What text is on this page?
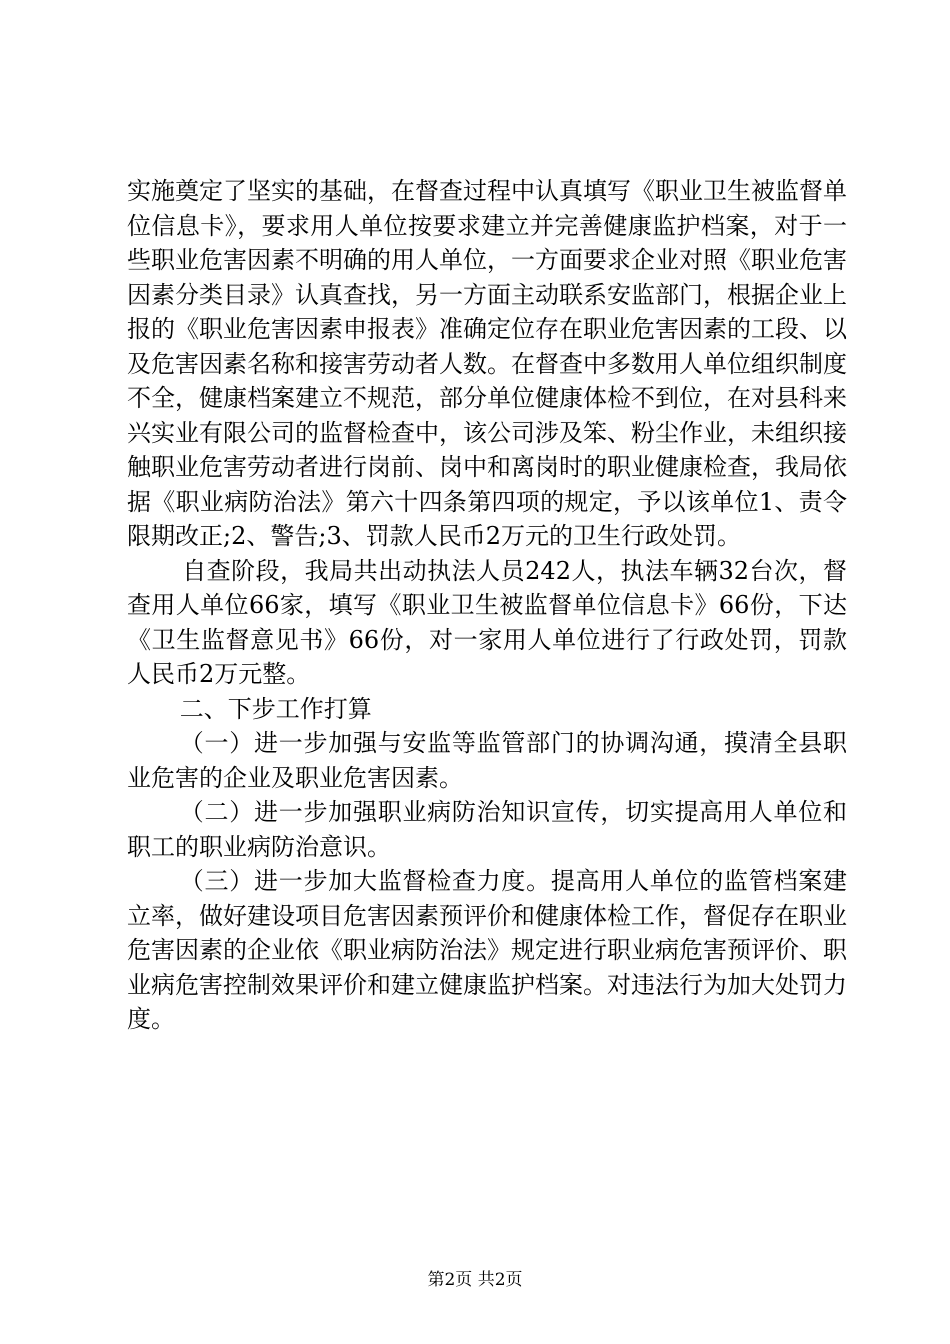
实施奠定了坚实的基础，在督查过程中认真填写《职业卫生被监督单位信息卡》，要求用人单位按要求建立并完善健康监护档案，对于一些职业危害因素不明确的用人单位，一方面要求企业对照《职业危害因素分类目录》认真查找，另一方面主动联系安监部门，根据企业上报的《职业危害因素申报表》准确定位存在职业危害因素的工段、以及危害因素名称和接害劳动者人数。在督查中多数用人单位组织制度不全，健康档案建立不规范，部分单位健康体检不到位，在对县科来兴实业有限公司的监督检查中，该公司涉及笨、粉尘作业，未组织接触职业危害劳动者进行岗前、岗中和离岗时的职业健康检查，我局依据《职业病防治法》第六十四条第四项的规定，予以该单位1、责令限期改正;2、警告;3、罚款人民币2万元的卫生行政处罚。

自查阶段，我局共出动执法人员242人，执法车辆32台次，督查用人单位66家，填写《职业卫生被监督单位信息卡》66份，下达《卫生监督意见书》66份，对一家用人单位进行了行政处罚，罚款人民币2万元整。

二、下步工作打算

（一）进一步加强与安监等监管部门的协调沟通，摸清全县职业危害的企业及职业危害因素。

（二）进一步加强职业病防治知识宣传，切实提高用人单位和职工的职业病防治意识。

（三）进一步加大监督检查力度。提高用人单位的监管档案建立率，做好建设项目危害因素预评价和健康体检工作，督促存在职业危害因素的企业依《职业病防治法》规定进行职业病危害预评价、职业病危害控制效果评价和建立健康监护档案。对违法行为加大处罚力度。

第2页 共2页
